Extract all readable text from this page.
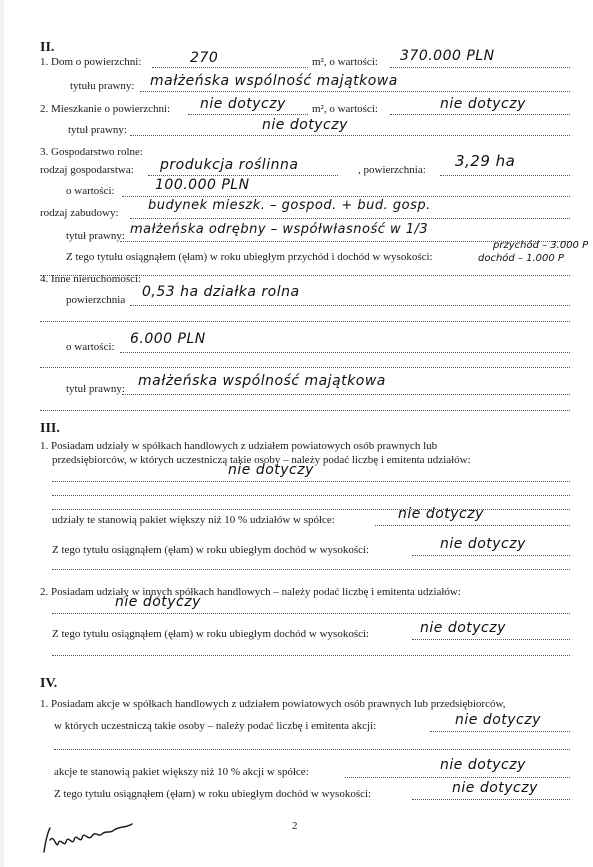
II.
1. Dom o powierzchni:	270	m², o wartości: 370.000 PLN
tytułu prawny: małżeńska wspólność majątkowa
2. Mieszkanie o powierzchni: nie dotyczy m², o wartości:	nie dotyczy
tytuł prawny:	nie dotyczy
3. Gospodarstwo rolne:
rodzaj gospodarstwa: produkcja roślinna	, powierzchnia: 3,29 ha
o wartości:	100.000 PLN
rodzaj zabudowy: budynek mieszk. – gospod. + bud. gosp.
tytuł prawny: małżeńska odrębny – współwłasność w 1/3
Z tego tytułu osiągnąłem (ęłam) w roku ubiegłym przychód i dochód w wysokości:
przychód – 3.000 P
dochód – 1.000 P
4. Inne nieruchomości:
powierzchnia 0,53 ha działka rolna
o wartości: 6.000 PLN
tytuł prawny: małżeńska wspólność majątkowa
III.
1. Posiadam udziały w spółkach handlowych z udziałem powiatowych osób prawnych lub
przedsiębiorców, w których uczestniczą takie osoby – należy podać liczbę i emitenta udziałów:
nie dotyczy
udziały te stanowią pakiet większy niż 10 % udziałów w spółce:	nie dotyczy
Z tego tytułu osiągnąłem (ęłam) w roku ubiegłym dochód w wysokości:	nie dotyczy
2. Posiadam udziały w innych spółkach handlowych – należy podać liczbę i emitenta udziałów:
nie dotyczy
Z tego tytułu osiągnąłem (ęłam) w roku ubiegłym dochód w wysokości:	nie dotyczy
IV.
1. Posiadam akcje w spółkach handlowych z udziałem powiatowych osób prawnych lub przedsiębiorców,
w których uczestniczą takie osoby – należy podać liczbę i emitenta akcji:	nie dotyczy
akcje te stanowią pakiet większy niż 10 % akcji w spółce:	nie dotyczy
Z tego tytułu osiągnąłem (ęłam) w roku ubiegłym dochód w wysokości:	nie dotyczy
2
